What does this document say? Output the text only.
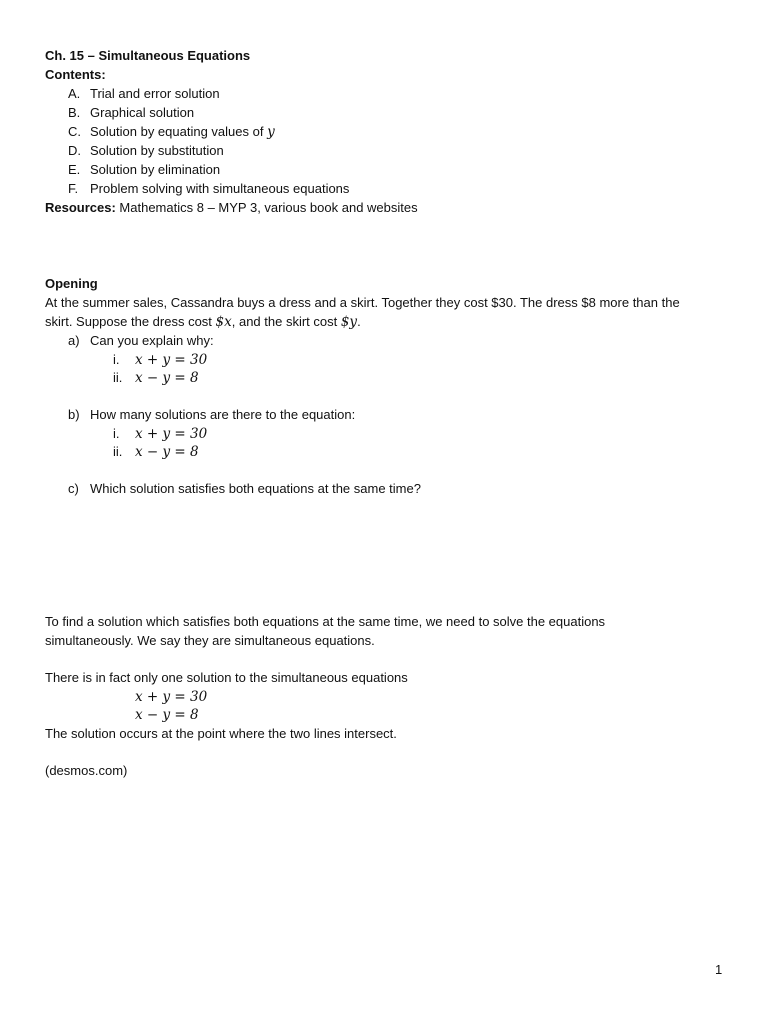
Ch. 15 – Simultaneous Equations
Contents:
A. Trial and error solution
B. Graphical solution
C. Solution by equating values of y
D. Solution by substitution
E. Solution by elimination
F. Problem solving with simultaneous equations
Resources: Mathematics 8 – MYP 3, various book and websites
Opening
At the summer sales, Cassandra buys a dress and a skirt. Together they cost $30. The dress $8 more than the
skirt. Suppose the dress cost $x, and the skirt cost $y.
a) Can you explain why:
i. x + y = 30
ii. x − y = 8
b) How many solutions are there to the equation:
i. x + y = 30
ii. x − y = 8
c) Which solution satisfies both equations at the same time?
To find a solution which satisfies both equations at the same time, we need to solve the equations
simultaneously. We say they are simultaneous equations.
There is in fact only one solution to the simultaneous equations
x + y = 30
x − y = 8
The solution occurs at the point where the two lines intersect.
(desmos.com)
1
